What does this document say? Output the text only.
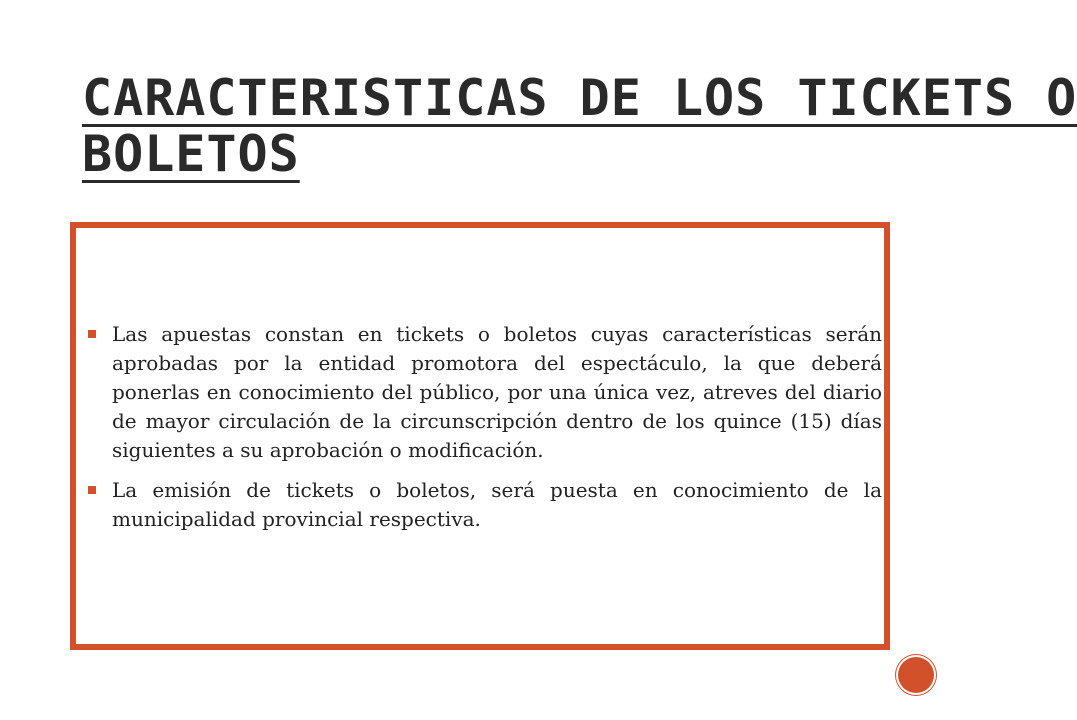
CARACTERISTICAS DE LOS TICKETS O
BOLETOS
Las apuestas constan en tickets o boletos cuyas características serán aprobadas por la entidad promotora del espectáculo, la que deberá ponerlas en conocimiento del público, por una única vez, atreves del diario de mayor circulación de la circunscripción dentro de los quince (15) días siguientes a su aprobación o modificación.
La emisión de tickets o boletos, será puesta en conocimiento de la municipalidad provincial respectiva.
